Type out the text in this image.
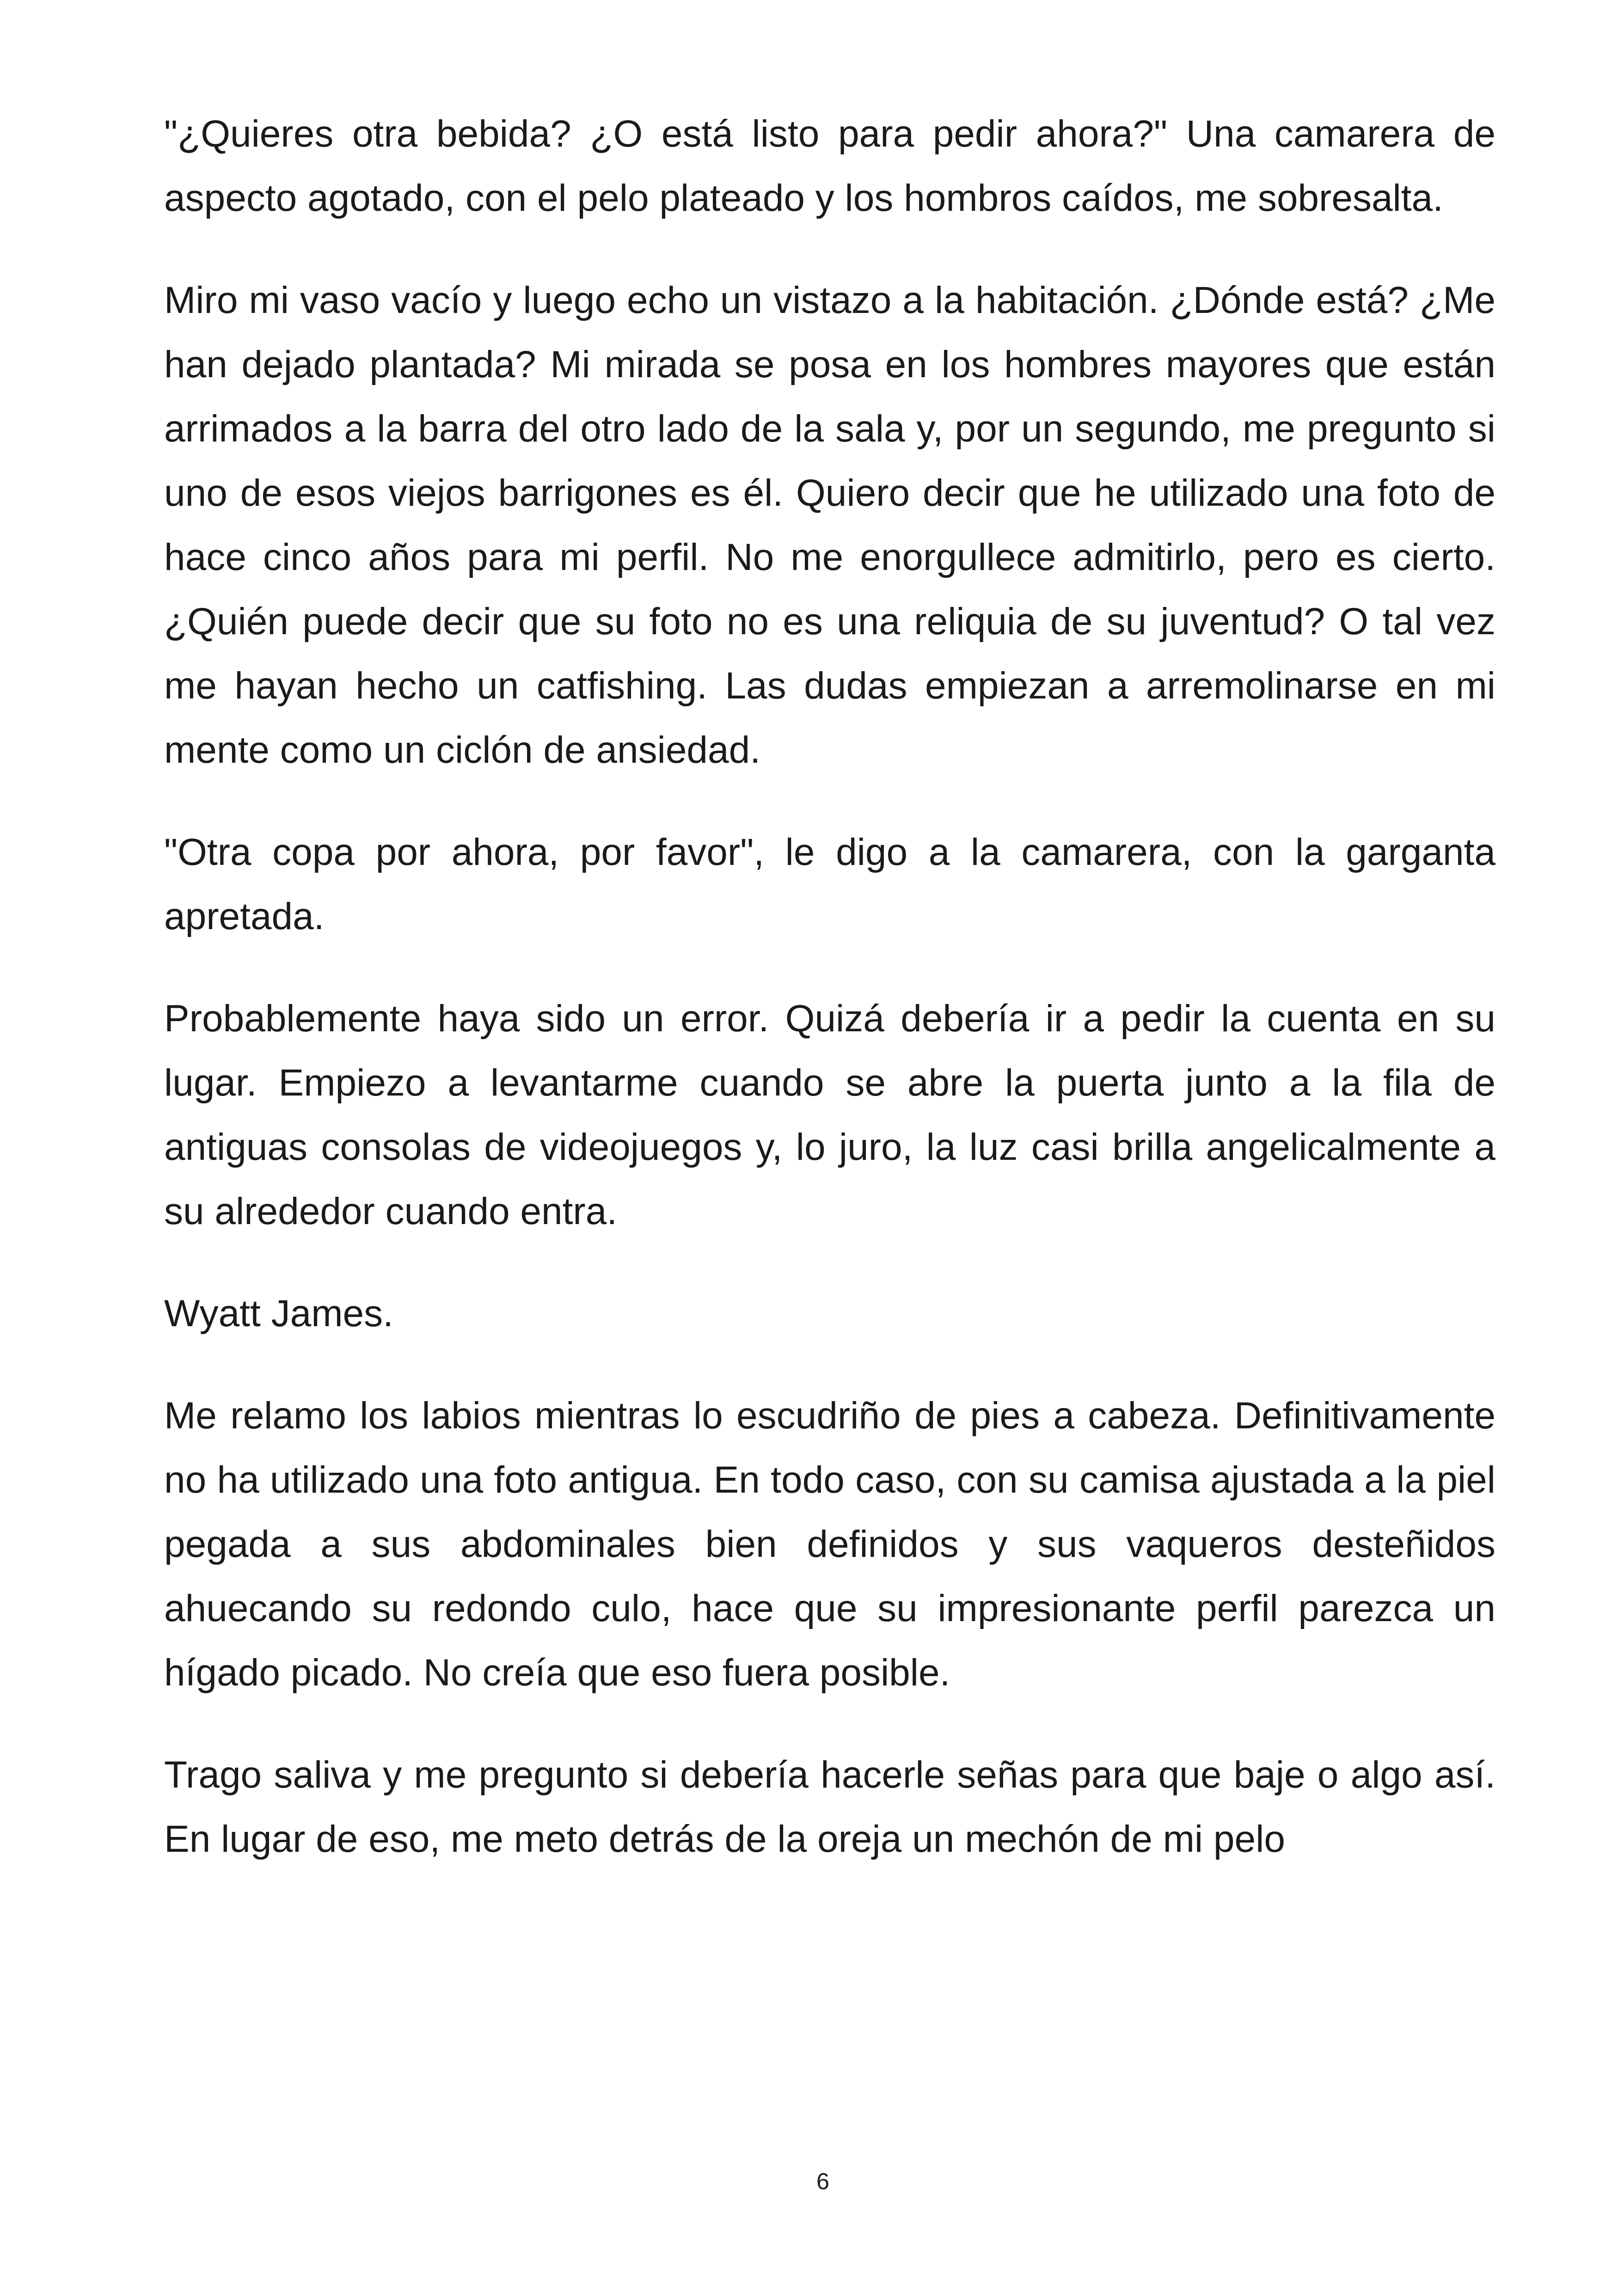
"¿Quieres otra bebida? ¿O está listo para pedir ahora?" Una camarera de aspecto agotado, con el pelo plateado y los hombros caídos, me sobresalta.

Miro mi vaso vacío y luego echo un vistazo a la habitación. ¿Dónde está? ¿Me han dejado plantada? Mi mirada se posa en los hombres mayores que están arrimados a la barra del otro lado de la sala y, por un segundo, me pregunto si uno de esos viejos barrigones es él. Quiero decir que he utilizado una foto de hace cinco años para mi perfil. No me enorgullece admitirlo, pero es cierto. ¿Quién puede decir que su foto no es una reliquia de su juventud? O tal vez me hayan hecho un catfishing. Las dudas empiezan a arremolinarse en mi mente como un ciclón de ansiedad.

"Otra copa por ahora, por favor", le digo a la camarera, con la garganta apretada.

Probablemente haya sido un error. Quizá debería ir a pedir la cuenta en su lugar. Empiezo a levantarme cuando se abre la puerta junto a la fila de antiguas consolas de videojuegos y, lo juro, la luz casi brilla angelicalmente a su alrededor cuando entra.

Wyatt James.

Me relamo los labios mientras lo escudriño de pies a cabeza. Definitivamente no ha utilizado una foto antigua. En todo caso, con su camisa ajustada a la piel pegada a sus abdominales bien definidos y sus vaqueros desteñidos ahuecando su redondo culo, hace que su impresionante perfil parezca un hígado picado. No creía que eso fuera posible.

Trago saliva y me pregunto si debería hacerle señas para que baje o algo así. En lugar de eso, me meto detrás de la oreja un mechón de mi pelo

6
